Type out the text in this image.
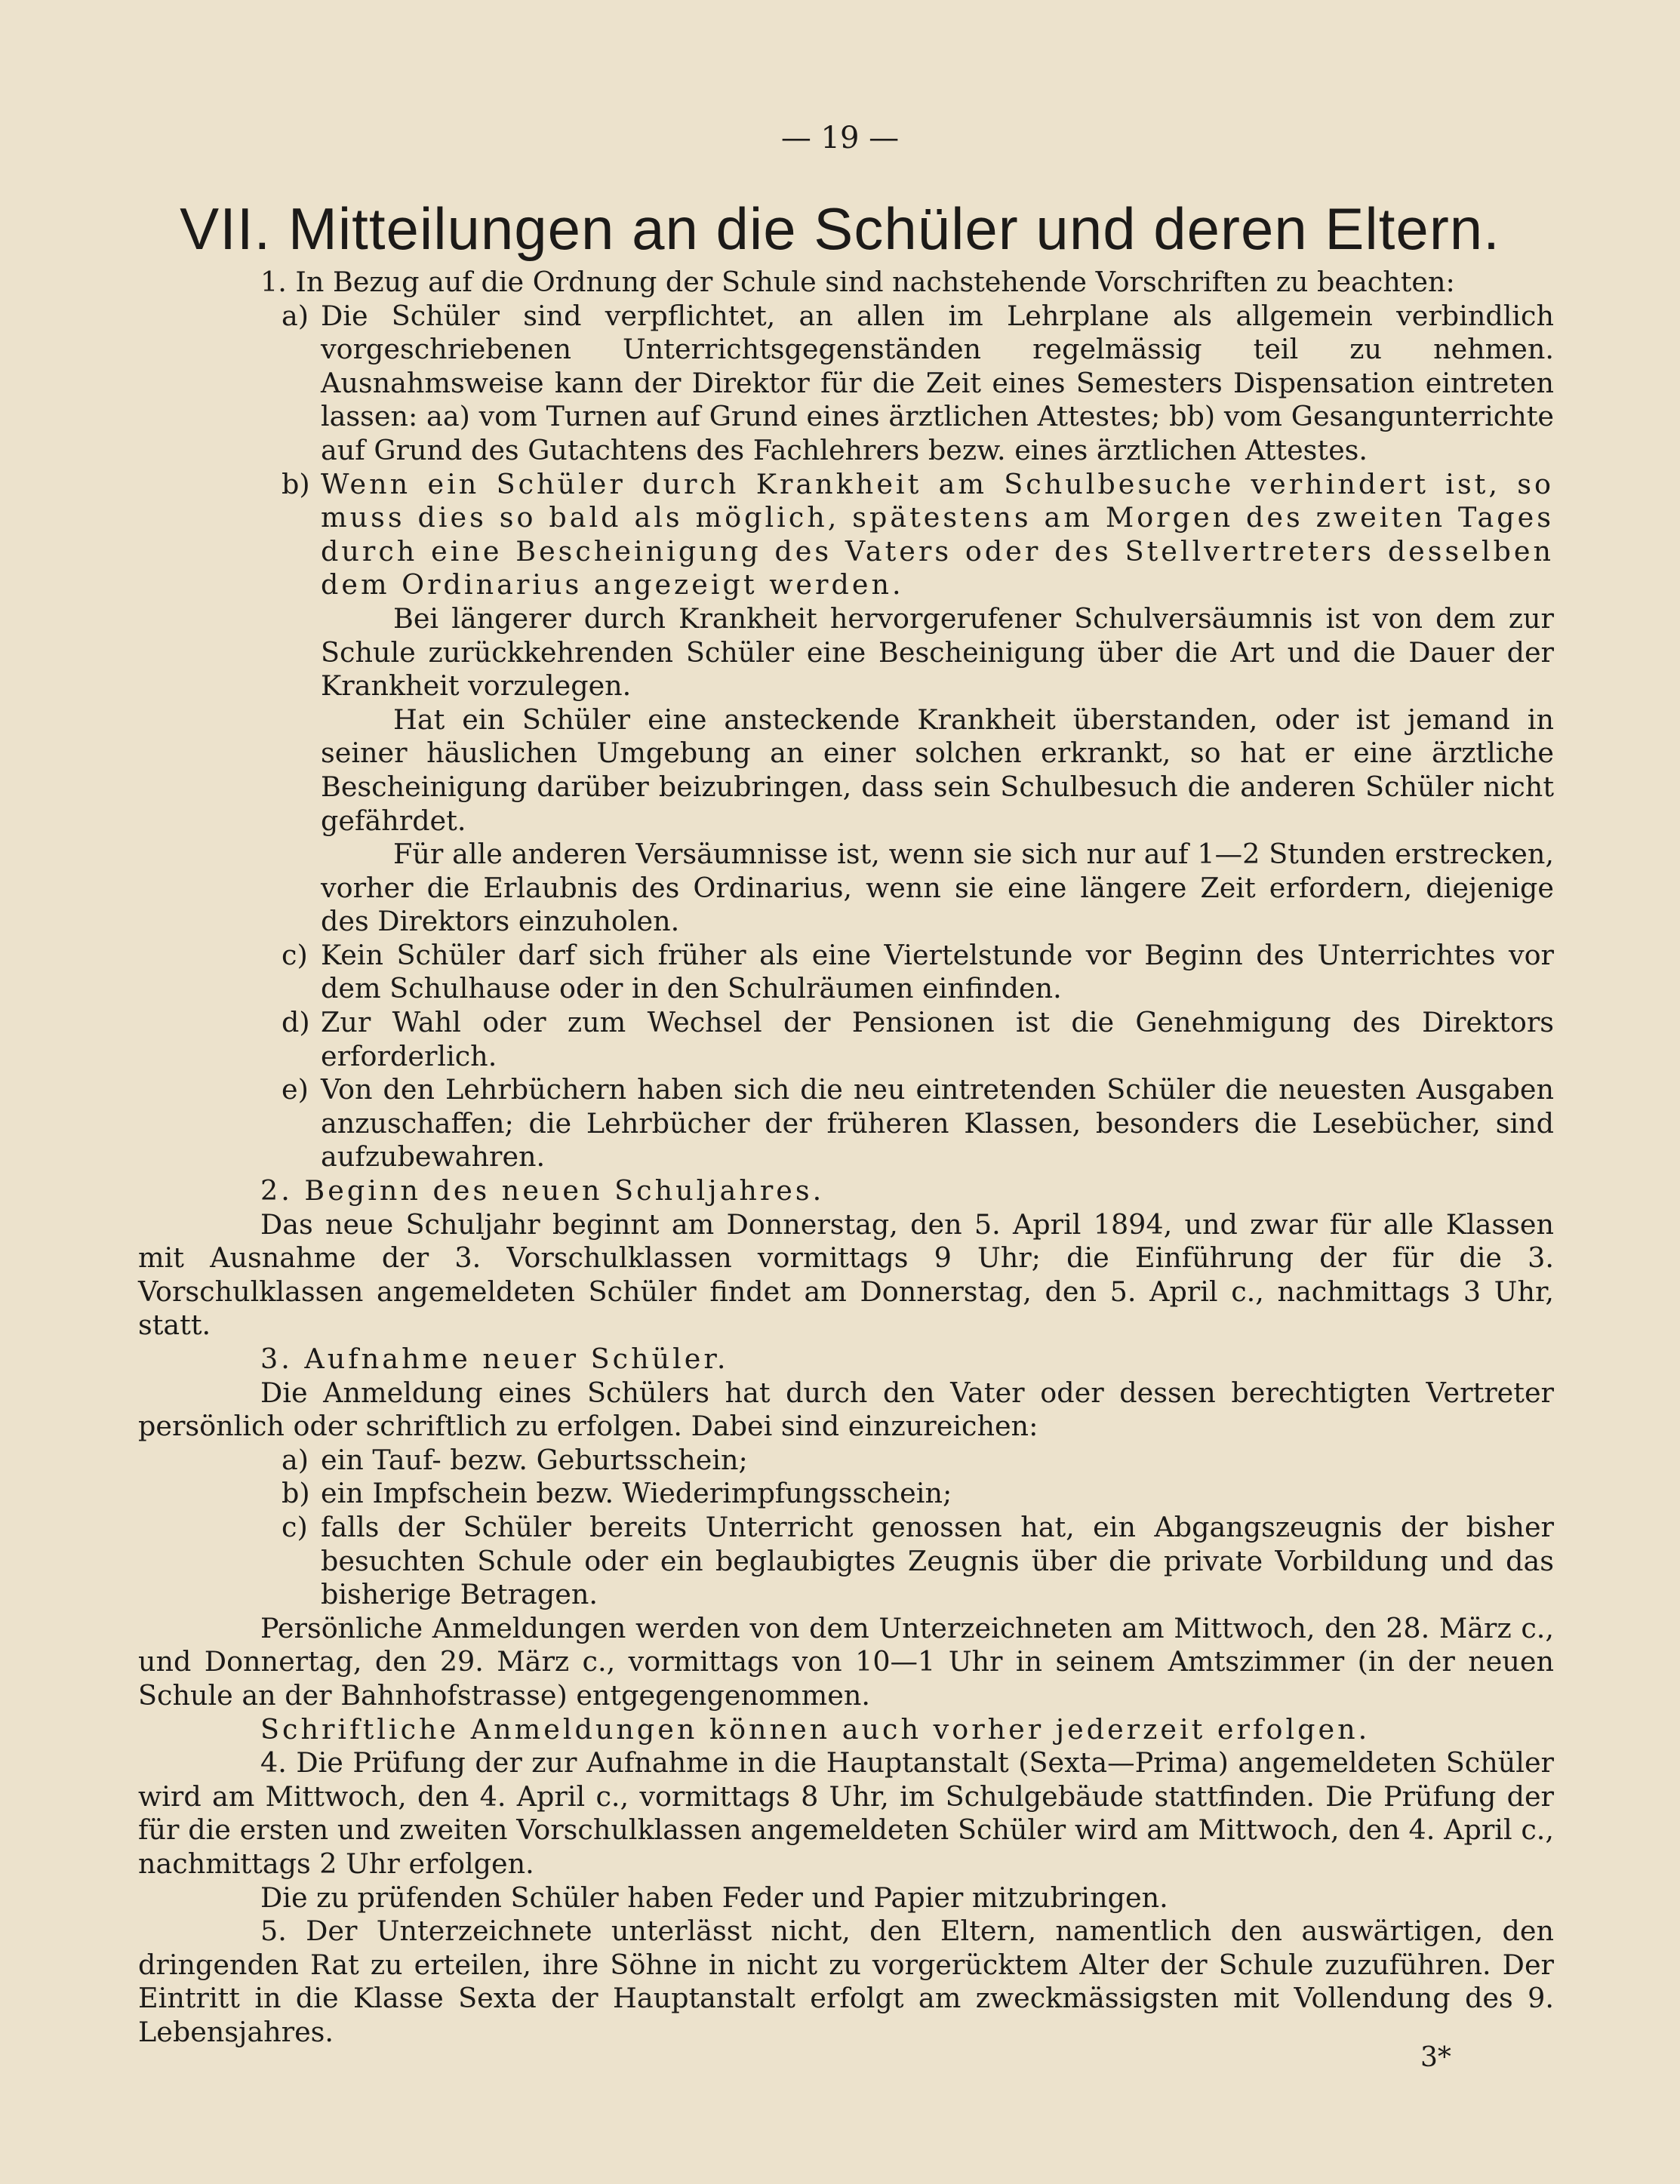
— 19 —
VII. Mitteilungen an die Schüler und deren Eltern.

1. In Bezug auf die Ordnung der Schule sind nachstehende Vorschriften zu beachten:

a) Die Schüler sind verpflichtet, an allen im Lehrplane als allgemein verbindlich vorgeschriebenen Unterrichtsgegenständen regelmässig teil zu nehmen. Ausnahmsweise kann der Direktor für die Zeit eines Semesters Dispensation eintreten lassen: aa) vom Turnen auf Grund eines ärztlichen Attestes; bb) vom Gesangunterrichte auf Grund des Gutachtens des Fachlehrers bezw. eines ärztlichen Attestes.
b) Wenn ein Schüler durch Krankheit am Schulbesuche verhindert ist, so muss dies so bald als möglich, spätestens am Morgen des zweiten Tages durch eine Bescheinigung des Vaters oder des Stellvertreters desselben dem Ordinarius angezeigt werden.

Bei längerer durch Krankheit hervorgerufener Schulversäumnis ist von dem zur Schule zurückkehrenden Schüler eine Bescheinigung über die Art und die Dauer der Krankheit vorzulegen.

Hat ein Schüler eine ansteckende Krankheit überstanden, oder ist jemand in seiner häuslichen Umgebung an einer solchen erkrankt, so hat er eine ärztliche Bescheinigung darüber beizubringen, dass sein Schulbesuch die anderen Schüler nicht gefährdet.

Für alle anderen Versäumnisse ist, wenn sie sich nur auf 1—2 Stunden erstrecken, vorher die Erlaubnis des Ordinarius, wenn sie eine längere Zeit erfordern, diejenige des Direktors einzuholen.

c) Kein Schüler darf sich früher als eine Viertelstunde vor Beginn des Unterrichtes vor dem Schulhause oder in den Schulräumen einfinden.
d) Zur Wahl oder zum Wechsel der Pensionen ist die Genehmigung des Direktors erforderlich.
e) Von den Lehrbüchern haben sich die neu eintretenden Schüler die neuesten Ausgaben anzuschaffen; die Lehrbücher der früheren Klassen, besonders die Lesebücher, sind aufzubewahren.

2. Beginn des neuen Schuljahres.

Das neue Schuljahr beginnt am Donnerstag, den 5. April 1894, und zwar für alle Klassen mit Ausnahme der 3. Vorschulklassen vormittags 9 Uhr; die Einführung der für die 3. Vorschulklassen angemeldeten Schüler findet am Donnerstag, den 5. April c., nachmittags 3 Uhr, statt.

3. Aufnahme neuer Schüler.

Die Anmeldung eines Schülers hat durch den Vater oder dessen berechtigten Vertreter persönlich oder schriftlich zu erfolgen. Dabei sind einzureichen:

a) ein Tauf- bezw. Geburtsschein;
b) ein Impfschein bezw. Wiederimpfungsschein;
c) falls der Schüler bereits Unterricht genossen hat, ein Abgangszeugnis der bisher besuchten Schule oder ein beglaubigtes Zeugnis über die private Vorbildung und das bisherige Betragen.

Persönliche Anmeldungen werden von dem Unterzeichneten am Mittwoch, den 28. März c., und Donnertag, den 29. März c., vormittags von 10—1 Uhr in seinem Amtszimmer (in der neuen Schule an der Bahnhofstrasse) entgegengenommen.

Schriftliche Anmeldungen können auch vorher jederzeit erfolgen.

4. Die Prüfung der zur Aufnahme in die Hauptanstalt (Sexta—Prima) angemeldeten Schüler wird am Mittwoch, den 4. April c., vormittags 8 Uhr, im Schulgebäude stattfinden. Die Prüfung der für die ersten und zweiten Vorschulklassen angemeldeten Schüler wird am Mittwoch, den 4. April c., nachmittags 2 Uhr erfolgen.

Die zu prüfenden Schüler haben Feder und Papier mitzubringen.

5. Der Unterzeichnete unterlässt nicht, den Eltern, namentlich den auswärtigen, den dringenden Rat zu erteilen, ihre Söhne in nicht zu vorgerücktem Alter der Schule zuzuführen. Der Eintritt in die Klasse Sexta der Hauptanstalt erfolgt am zweckmässigsten mit Vollendung des 9. Lebensjahres.

3*
